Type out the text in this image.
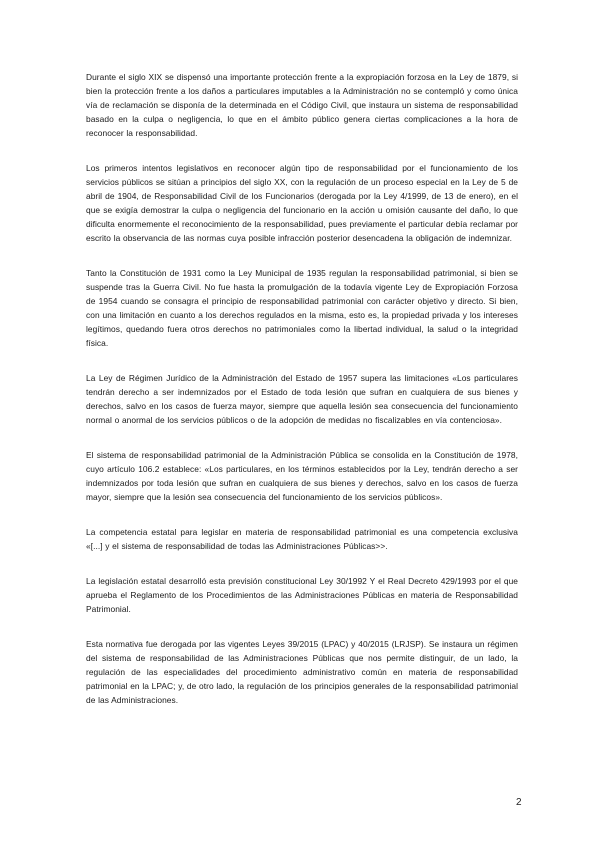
Durante el siglo XIX se dispensó una importante protección frente a la expropiación forzosa en la Ley de 1879, si bien la protección frente a los daños a particulares imputables a la Administración no se contempló y como única vía de reclamación se disponía de la determinada en el Código Civil, que instaura un sistema de responsabilidad basado en la culpa o negligencia, lo que en el ámbito público genera ciertas complicaciones a la hora de reconocer la responsabilidad.

Los primeros intentos legislativos en reconocer algún tipo de responsabilidad por el funcionamiento de los servicios públicos se sitúan a principios del siglo XX, con la regulación de un proceso especial en la Ley de 5 de abril de 1904, de Responsabilidad Civil de los Funcionarios (derogada por la Ley 4/1999, de 13 de enero), en el que se exigía demostrar la culpa o negligencia del funcionario en la acción u omisión causante del daño, lo que dificulta enormemente el reconocimiento de la responsabilidad, pues previamente el particular debía reclamar por escrito la observancia de las normas cuya posible infracción posterior desencadena la obligación de indemnizar.

Tanto la Constitución de 1931 como la Ley Municipal de 1935 regulan la responsabilidad patrimonial, si bien se suspende tras la Guerra Civil. No fue hasta la promulgación de la todavía vigente Ley de Expropiación Forzosa de 1954 cuando se consagra el principio de responsabilidad patrimonial con carácter objetivo y directo. Si bien, con una limitación en cuanto a los derechos regulados en la misma, esto es, la propiedad privada y los intereses legítimos, quedando fuera otros derechos no patrimoniales como la libertad individual, la salud o la integridad física.

La Ley de Régimen Jurídico de la Administración del Estado de 1957 supera las limitaciones «Los particulares tendrán derecho a ser indemnizados por el Estado de toda lesión que sufran en cualquiera de sus bienes y derechos, salvo en los casos de fuerza mayor, siempre que aquella lesión sea consecuencia del funcionamiento normal o anormal de los servicios públicos o de la adopción de medidas no fiscalizables en vía contenciosa».

El sistema de responsabilidad patrimonial de la Administración Pública se consolida en la Constitución de 1978, cuyo artículo 106.2 establece: «Los particulares, en los términos establecidos por la Ley, tendrán derecho a ser indemnizados por toda lesión que sufran en cualquiera de sus bienes y derechos, salvo en los casos de fuerza mayor, siempre que la lesión sea consecuencia del funcionamiento de los servicios públicos».

La competencia estatal para legislar en materia de responsabilidad patrimonial es una competencia exclusiva «[...] y el sistema de responsabilidad de todas las Administraciones Públicas>>.

La legislación estatal desarrolló esta previsión constitucional Ley 30/1992 Y el Real Decreto 429/1993 por el que aprueba el Reglamento de los Procedimientos de las Administraciones Públicas en materia de Responsabilidad Patrimonial.

Esta normativa fue derogada por las vigentes Leyes 39/2015 (LPAC) y 40/2015 (LRJSP). Se instaura un régimen del sistema de responsabilidad de las Administraciones Públicas que nos permite distinguir, de un lado, la regulación de las especialidades del procedimiento administrativo común en materia de responsabilidad patrimonial en la LPAC; y, de otro lado, la regulación de los principios generales de la responsabilidad patrimonial de las Administraciones.

2
